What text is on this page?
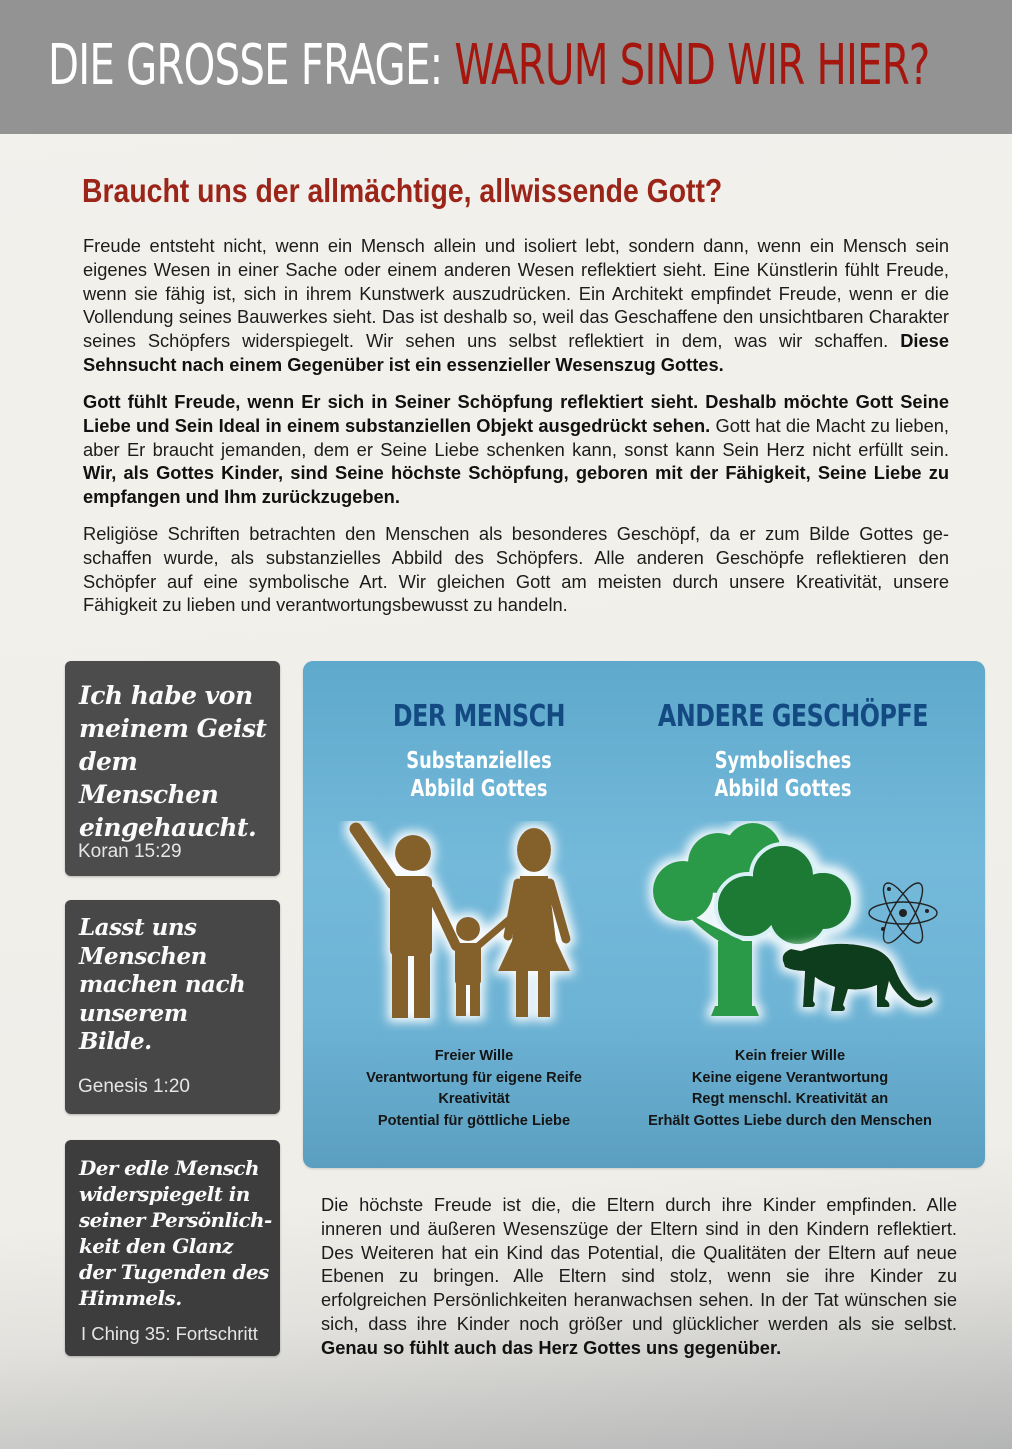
DIE GROSSE FRAGE: WARUM SIND WIR HIER?
Braucht uns der allmächtige, allwissende Gott?
Freude entsteht nicht, wenn ein Mensch allein und isoliert lebt, sondern dann, wenn ein Mensch sein eigenes Wesen in einer Sache oder einem anderen Wesen reflektiert sieht. Eine Künstlerin fühlt Freude, wenn sie fähig ist, sich in ihrem Kunstwerk auszudrücken. Ein Architekt empfindet Freude, wenn er die Vollendung seines Bauwerkes sieht. Das ist deshalb so, weil das Geschaffene den unsichtbaren Charakter seines Schöpfers widerspiegelt. Wir sehen uns selbst reflektiert in dem, was wir schaffen. Diese Sehnsucht nach einem Gegenüber ist ein essenzieller Wesenszug Gottes.
Gott fühlt Freude, wenn Er sich in Seiner Schöpfung reflektiert sieht. Deshalb möchte Gott Seine Liebe und Sein Ideal in einem substanziellen Objekt ausgedrückt sehen. Gott hat die Macht zu lieben, aber Er braucht jemanden, dem er Seine Liebe schenken kann, sonst kann Sein Herz nicht erfüllt sein. Wir, als Gottes Kinder, sind Seine höchste Schöpfung, geboren mit der Fähigkeit, Seine Liebe zu empfangen und Ihm zurückzugeben.
Religiöse Schriften betrachten den Menschen als besonderes Geschöpf, da er zum Bilde Gottes geschaffen wurde, als substanzielles Abbild des Schöpfers. Alle anderen Geschöpfe reflektieren den Schöpfer auf eine symbolische Art. Wir gleichen Gott am meisten durch unsere Kreativität, unsere Fähigkeit zu lieben und verantwortungsbewusst zu handeln.
Ich habe von
meinem Geist
dem Menschen
eingehaucht.
Koran 15:29
Lasst uns
Menschen
machen nach
unserem
Bilde.
Genesis 1:20
Der edle Mensch
widerspiegelt in
seiner Persönlich-
keit den Glanz
der Tugenden des
Himmels.
I Ching 35: Fortschritt
DER MENSCH
Substanzielles
Abbild Gottes
ANDERE GESCHÖPFE
Symbolisches
Abbild Gottes
Freier Wille
Verantwortung für eigene Reife
Kreativität
Potential für göttliche Liebe
Kein freier Wille
Keine eigene Verantwortung
Regt menschl. Kreativität an
Erhält Gottes Liebe durch den Menschen
Die höchste Freude ist die, die Eltern durch ihre Kinder empfinden. Alle inneren und äußeren Wesenszüge der Eltern sind in den Kindern reflektiert. Des Weiteren hat ein Kind das Potential, die Qualitäten der Eltern auf neue Ebenen zu bringen. Alle Eltern sind stolz, wenn sie ihre Kinder zu erfolgreichen Persönlichkeiten heranwachsen sehen. In der Tat wünschen sie sich, dass ihre Kinder noch größer und glücklicher werden als sie selbst. Genau so fühlt auch das Herz Gottes uns gegenüber.
